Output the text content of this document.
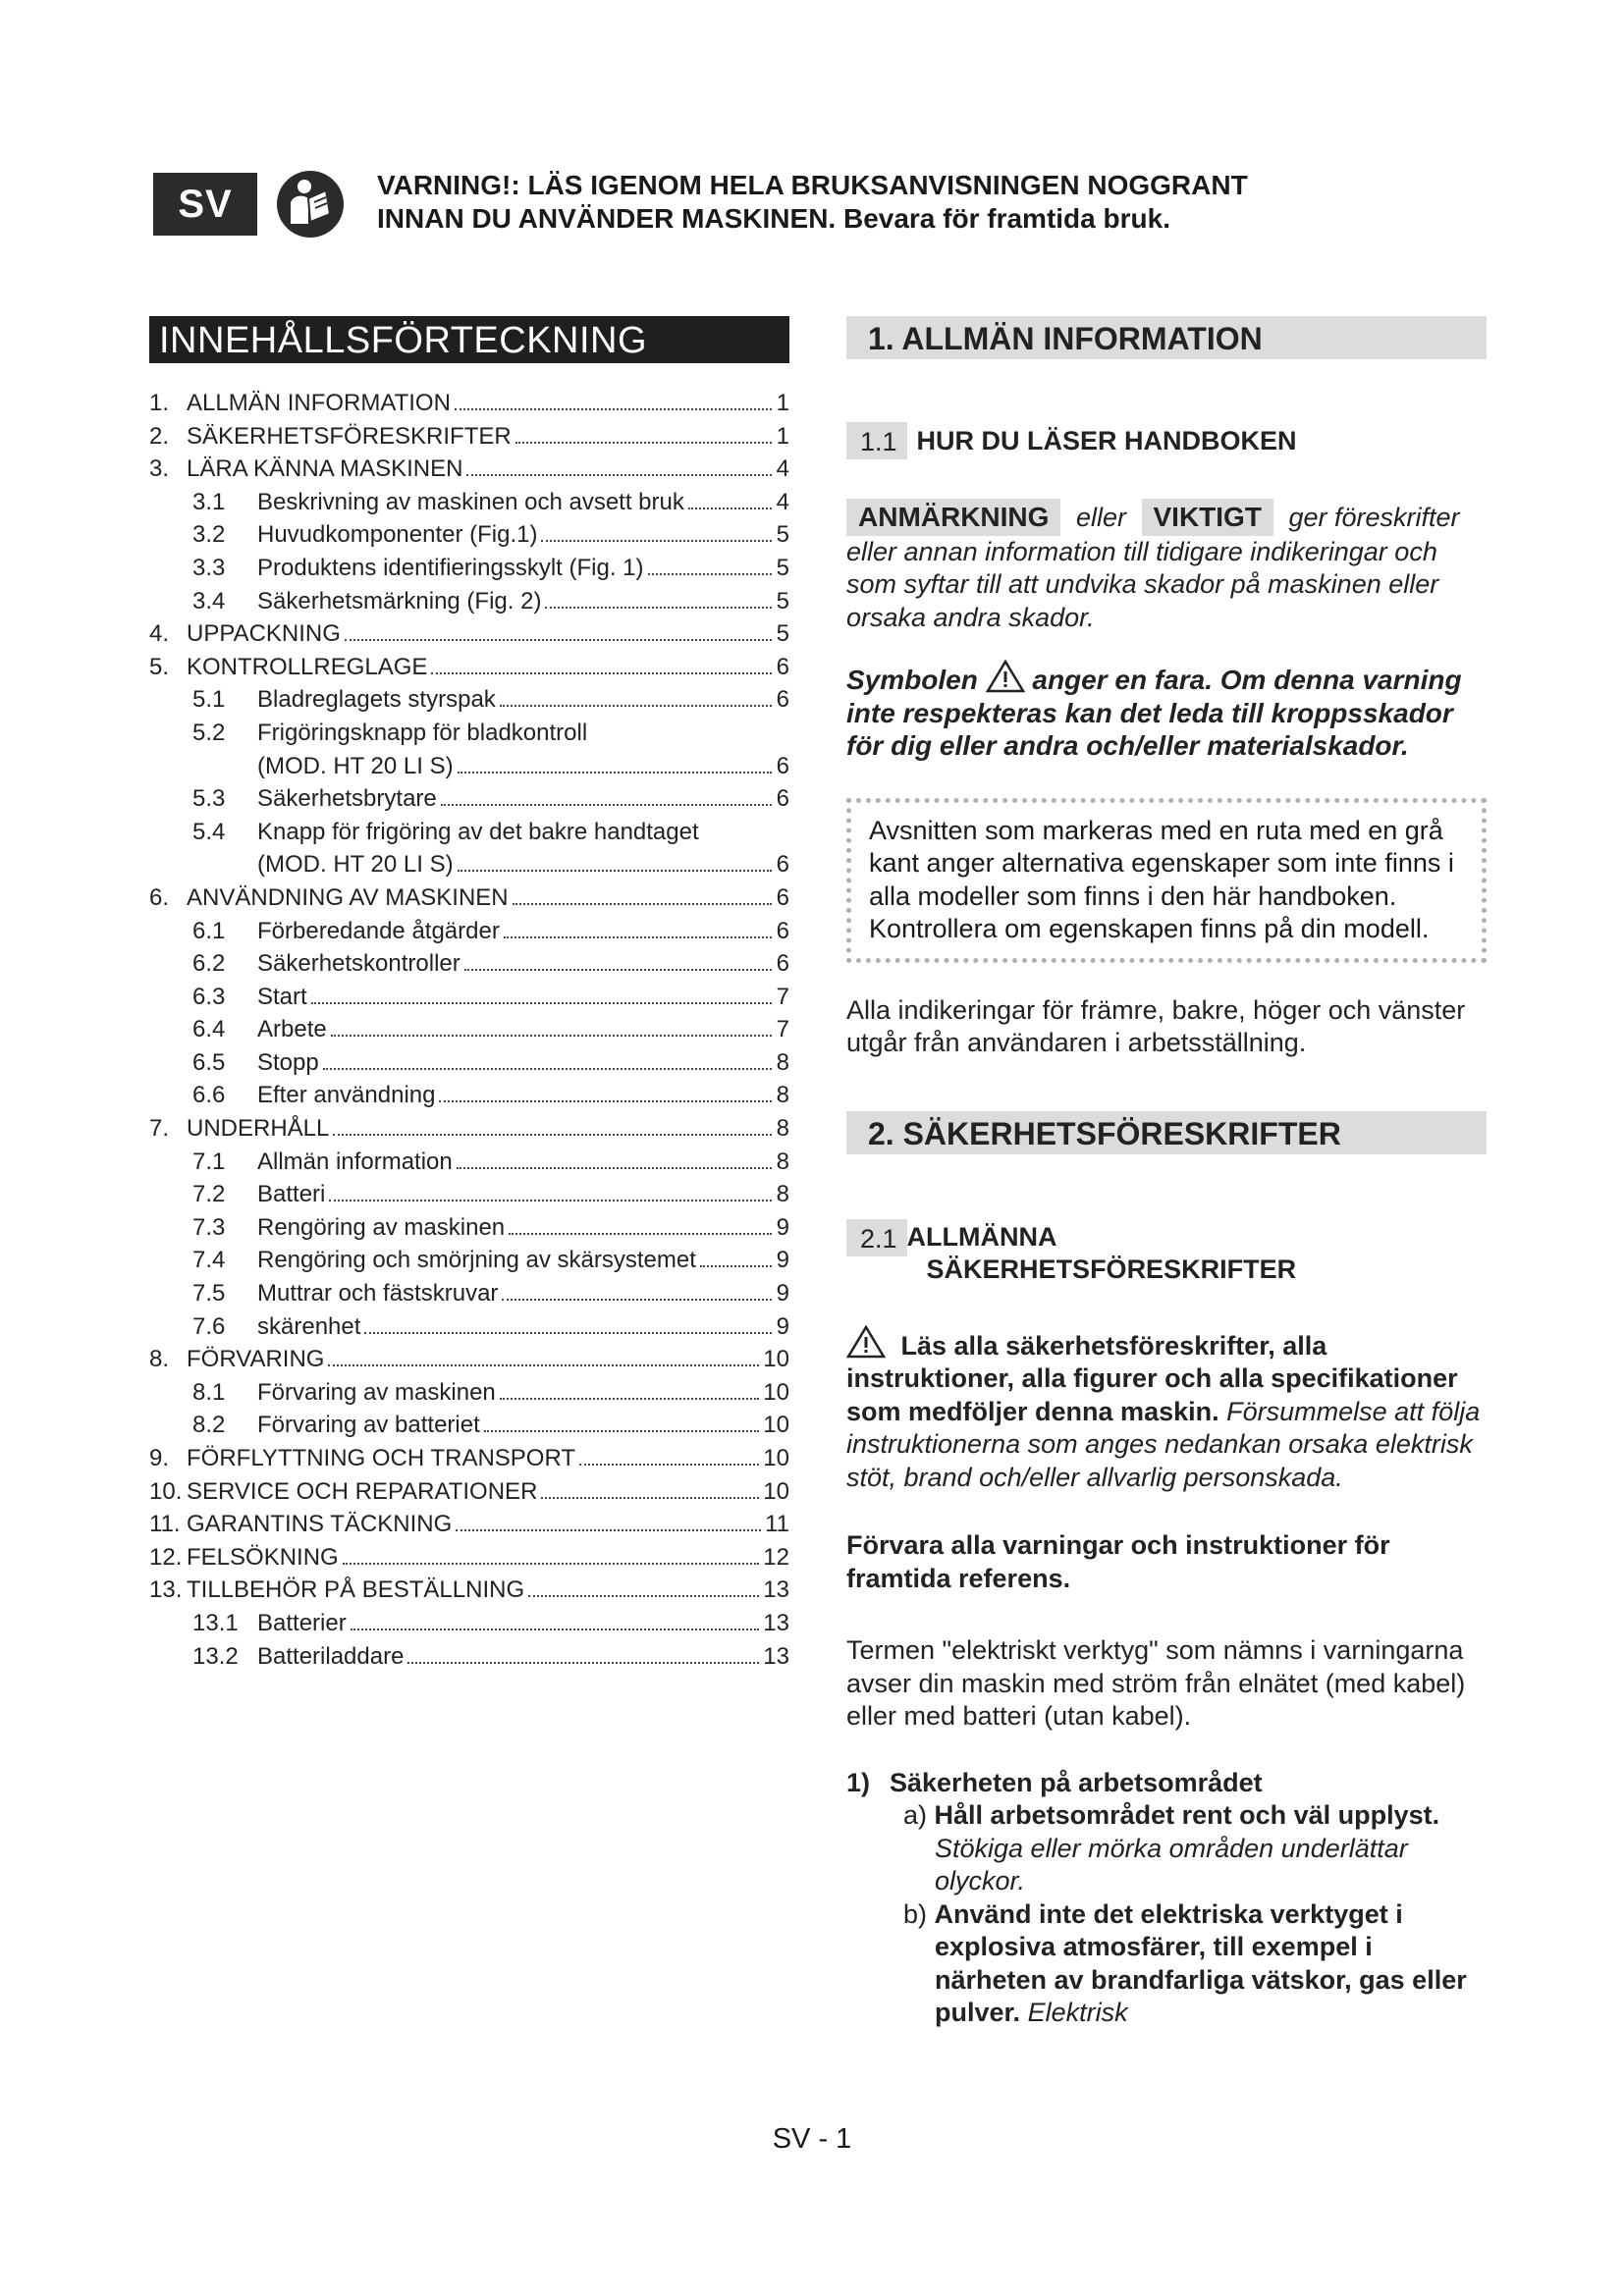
SV	VARNING!: LÄS IGENOM HELA BRUKSANVISNINGEN NOGGRANT
INNAN DU ANVÄNDER MASKINEN. Bevara för framtida bruk.
INNEHÅLLSFÖRTECKNING
1. ALLMÄN INFORMATION	1
2. SÄKERHETSFÖRESKRIFTER	1
3. LÄRA KÄNNA MASKINEN	4
3.1	Beskrivning av maskinen och avsett bruk	4
3.2	Huvudkomponenter (Fig.1)	5
3.3	Produktens identifieringsskylt (Fig. 1)	5
3.4	Säkerhetsmärkning (Fig. 2)	5
4. UPPACKNING	5
5. KONTROLLREGLAGE	6
5.1	Bladreglagets styrspak	6
5.2	Frigöringsknapp för bladkontroll
(MOD. HT 20 LI S)	6
5.3	Säkerhetsbrytare	6
5.4	Knapp för frigöring av det bakre handtaget
(MOD. HT 20 LI S)	6
6. ANVÄNDNING AV MASKINEN	6
6.1	Förberedande åtgärder	6
6.2	Säkerhetskontroller	6
6.3	Start	7
6.4	Arbete	7
6.5	Stopp	8
6.6	Efter användning	8
7. UNDERHÅLL	8
7.1	Allmän information	8
7.2	Batteri	8
7.3	Rengöring av maskinen	9
7.4	Rengöring och smörjning av skärsystemet	9
7.5	Muttrar och fästskruvar	9
7.6	skärenhet	9
8. FÖRVARING	10
8.1	Förvaring av maskinen	10
8.2	Förvaring av batteriet	10
9. FÖRFLYTTNING OCH TRANSPORT	10
10. SERVICE OCH REPARATIONER	10
11. GARANTINS TÄCKNING	11
12. FELSÖKNING	12
13. TILLBEHÖR PÅ BESTÄLLNING	13
13.1 Batterier	13
13.2 Batteriladdare	13
1. ALLMÄN INFORMATION
1.1 HUR DU LÄSER HANDBOKEN
ANMÄRKNING eller VIKTIGT ger föreskrifter eller annan information till tidigare indikeringar och som syftar till att undvika skador på maskinen eller orsaka andra skador.
Symbolen anger en fara. Om denna varning inte respekteras kan det leda till kroppsskador för dig eller andra och/eller materialskador.
Avsnitten som markeras med en ruta med en grå kant anger alternativa egenskaper som inte finns i alla modeller som finns i den här handboken. Kontrollera om egenskapen finns på din modell.
Alla indikeringar för främre, bakre, höger och vänster utgår från användaren i arbetsställning.
2. SÄKERHETSFÖRESKRIFTER
2.1 ALLMÄNNA
SÄKERHETSFÖRESKRIFTER
Läs alla säkerhetsföreskrifter, alla instruktioner, alla figurer och alla specifikationer som medföljer denna maskin. Försummelse att följa instruktionerna som anges nedankan orsaka elektrisk stöt, brand och/eller allvarlig personskada.
Förvara alla varningar och instruktioner för framtida referens.
Termen "elektriskt verktyg" som nämns i varningarna avser din maskin med ström från elnätet (med kabel) eller med batteri (utan kabel).
1) Säkerheten på arbetsområdet
a) Håll arbetsområdet rent och väl upplyst. Stökiga eller mörka områden underlättar olyckor.
b) Använd inte det elektriska verktyget i explosiva atmosfärer, till exempel i närheten av brandfarliga vätskor, gas eller pulver. Elektrisk
SV - 1
